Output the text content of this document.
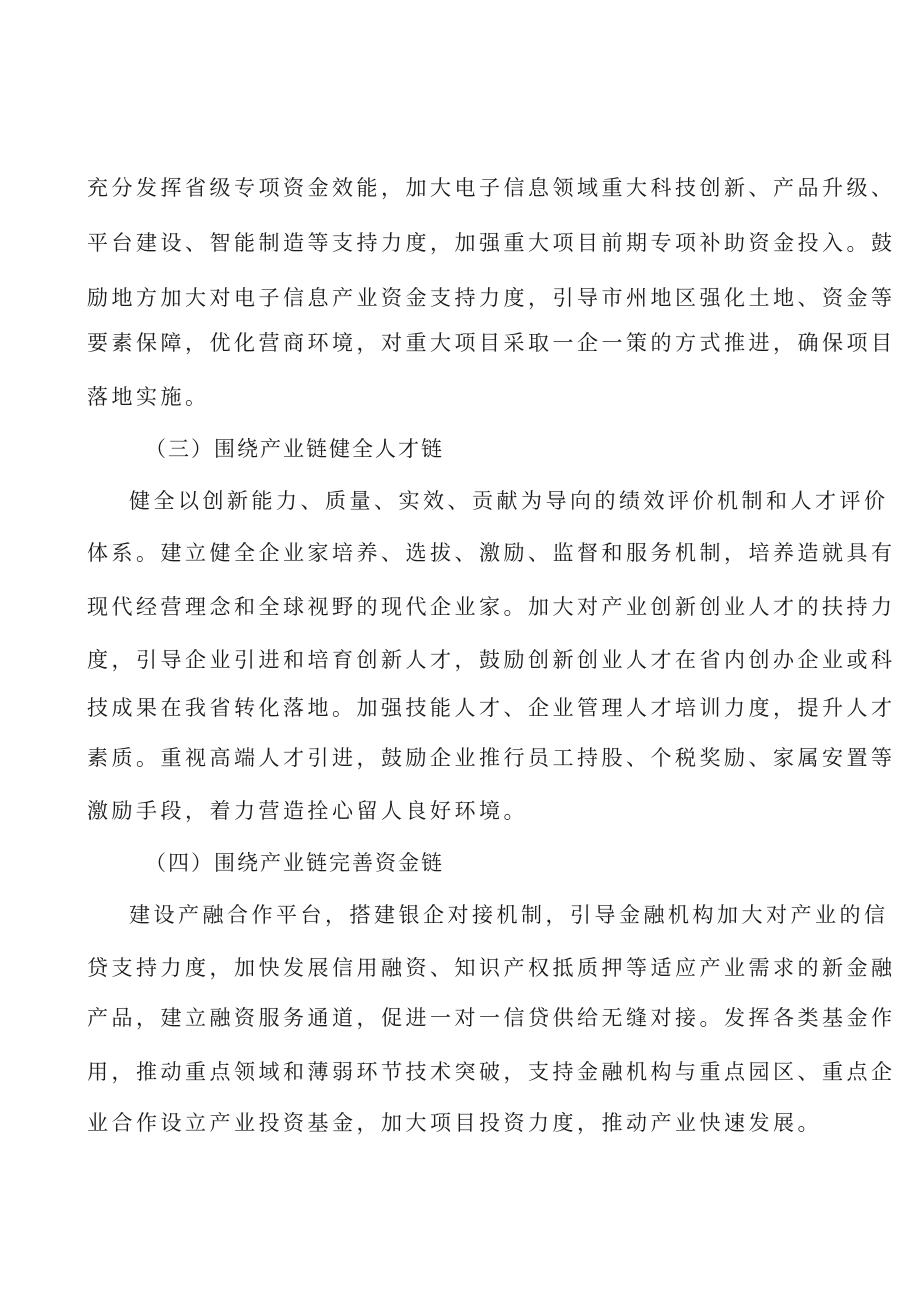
充分发挥省级专项资金效能，加大电子信息领域重大科技创新、产品升级、
平台建设、智能制造等支持力度，加强重大项目前期专项补助资金投入。鼓
励地方加大对电子信息产业资金支持力度，引导市州地区强化土地、资金等
要素保障，优化营商环境，对重大项目采取一企一策的方式推进，确保项目
落地实施。
（三）围绕产业链健全人才链
健全以创新能力、质量、实效、贡献为导向的绩效评价机制和人才评价
体系。建立健全企业家培养、选拔、激励、监督和服务机制，培养造就具有
现代经营理念和全球视野的现代企业家。加大对产业创新创业人才的扶持力
度，引导企业引进和培育创新人才，鼓励创新创业人才在省内创办企业或科
技成果在我省转化落地。加强技能人才、企业管理人才培训力度，提升人才
素质。重视高端人才引进，鼓励企业推行员工持股、个税奖励、家属安置等
激励手段，着力营造拴心留人良好环境。
（四）围绕产业链完善资金链
建设产融合作平台，搭建银企对接机制，引导金融机构加大对产业的信
贷支持力度，加快发展信用融资、知识产权抵质押等适应产业需求的新金融
产品，建立融资服务通道，促进一对一信贷供给无缝对接。发挥各类基金作
用，推动重点领域和薄弱环节技术突破，支持金融机构与重点园区、重点企
业合作设立产业投资基金，加大项目投资力度，推动产业快速发展。
